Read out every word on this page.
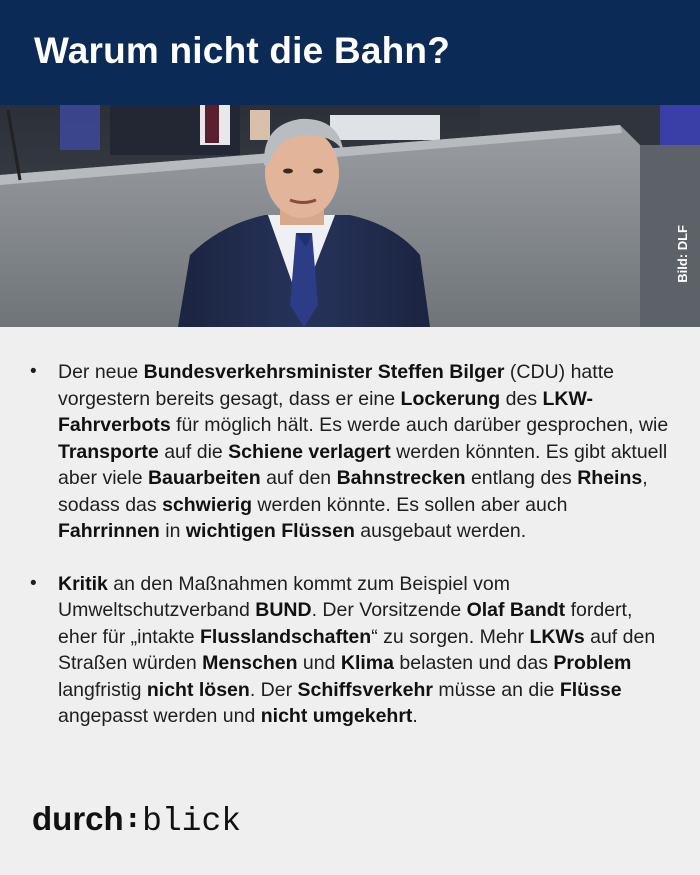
Warum nicht die Bahn?
Bild: DLF
• Der neue Bundesverkehrsminister Steffen Bilger (CDU) hatte vorgestern bereits gesagt, dass er eine Lockerung des LKW-Fahrverbots für möglich hält. Es werde auch darüber gesprochen, wie Transporte auf die Schiene verlagert werden könnten. Es gibt aktuell aber viele Bauarbeiten auf den Bahnstrecken entlang des Rheins, sodass das schwierig werden könnte. Es sollen aber auch Fahrrinnen in wichtigen Flüssen ausgebaut werden.
• Kritik an den Maßnahmen kommt zum Beispiel vom Umweltschutzverband BUND. Der Vorsitzende Olaf Bandt fordert, eher für „intakte Flusslandschaften“ zu sorgen. Mehr LKWs auf den Straßen würden Menschen und Klima belasten und das Problem langfristig nicht lösen. Der Schiffsverkehr müsse an die Flüsse angepasst werden und nicht umgekehrt.
durch : blick
